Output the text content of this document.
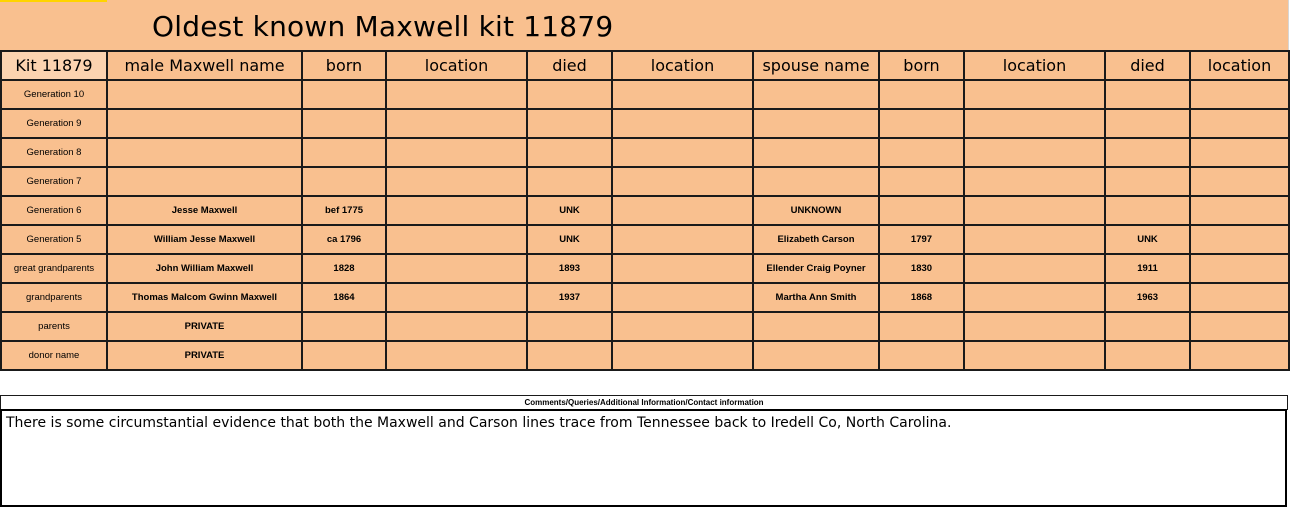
Oldest known Maxwell kit 11879
Kit 11879	male Maxwell name	born	location	died	location	spouse name	born	location	died	location
Generation 10										
Generation 9										
Generation 8										
Generation 7										
Generation 6	Jesse Maxwell	bef 1775		UNK		UNKNOWN				
Generation 5	William Jesse Maxwell	ca 1796		UNK		Elizabeth Carson	1797		UNK	
great grandparents	John William Maxwell	1828		1893		Ellender Craig Poyner	1830		1911	
grandparents	Thomas Malcom Gwinn Maxwell	1864		1937		Martha Ann Smith	1868		1963	
parents	PRIVATE									
donor name	PRIVATE									
Comments/Queries/Additional Information/Contact information
There is some circumstantial evidence that both the Maxwell and Carson lines trace from Tennessee back to Iredell Co, North Carolina.
